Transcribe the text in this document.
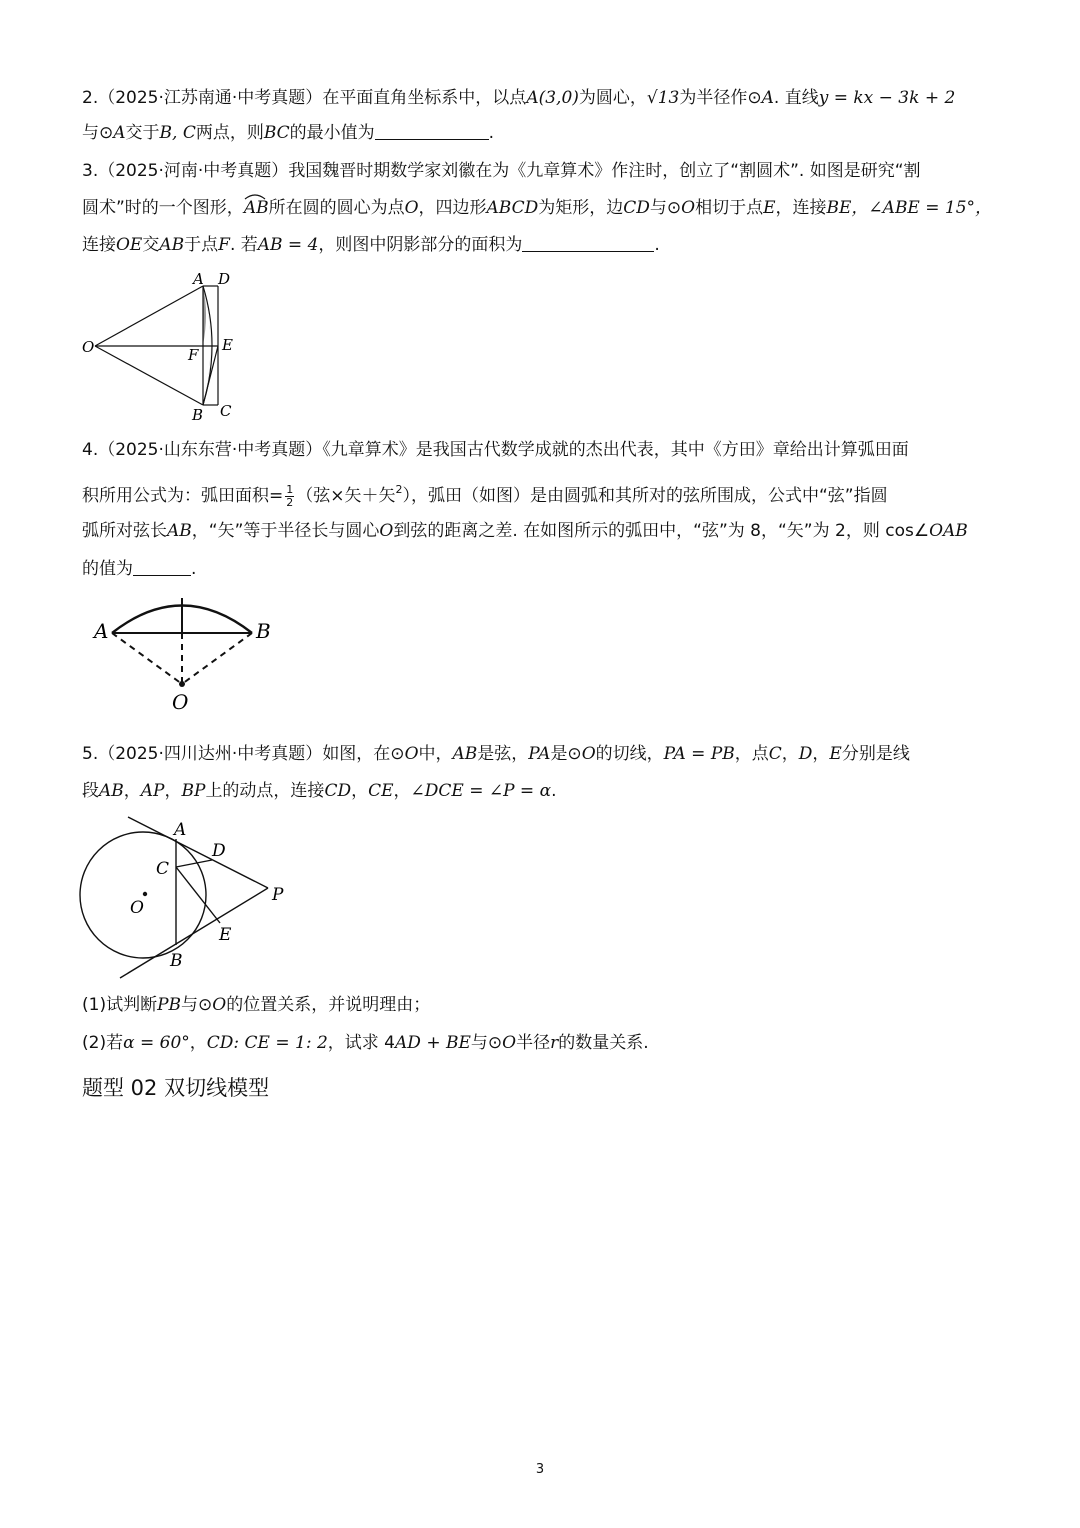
2.（2025·江苏南通·中考真题）在平面直角坐标系中，以点A(3,0)为圆心，√13为半径作⊙A. 直线y = kx − 3k + 2
与⊙A交于B, C两点，则BC的最小值为	.
3.（2025·河南·中考真题）我国魏晋时期数学家刘徽在为《九章算术》作注时，创立了“割圆术”. 如图是研究“割
圆术”时的一个图形，
AB所在圆的圆心为点O，四边形ABCD为矩形，边CD与⊙O相切于点E，连接BE，∠ABE = 15°，
连接OE交AB于点F. 若AB = 4，则图中阴影部分的面积为	.
A D
O	F
E
B C
4.（2025·山东东营·中考真题）《九章算术》是我国古代数学成就的杰出代表，其中《方田》章给出计算弧田面
积所用公式为：弧田面积= $\frac{1}{2}$ （弦×矢＋矢$^2$），弧田（如图）是由圆弧和其所对的弦所围成，公式中“弦”指圆
弧所对弦长AB，“矢”等于半径长与圆心O到弦的距离之差. 在如图所示的弧田中，“弦”为 8，“矢”为 2，则 cos∠OAB
的值为	.
A	B
O
5.（2025·四川达州·中考真题）如图，在⊙O中，AB是弦，PA是⊙O的切线，PA = PB，点C，D，E分别是线
段AB，AP，BP上的动点，连接CD，CE，∠DCE = ∠P = α.
A
D
C
O
P
E
B
(1)试判断PB与⊙O的位置关系，并说明理由；
(2)若α = 60°，CD: CE = 1: 2，试求 4AD + BE与⊙O半径r的数量关系.
题型 02 双切线模型
3
